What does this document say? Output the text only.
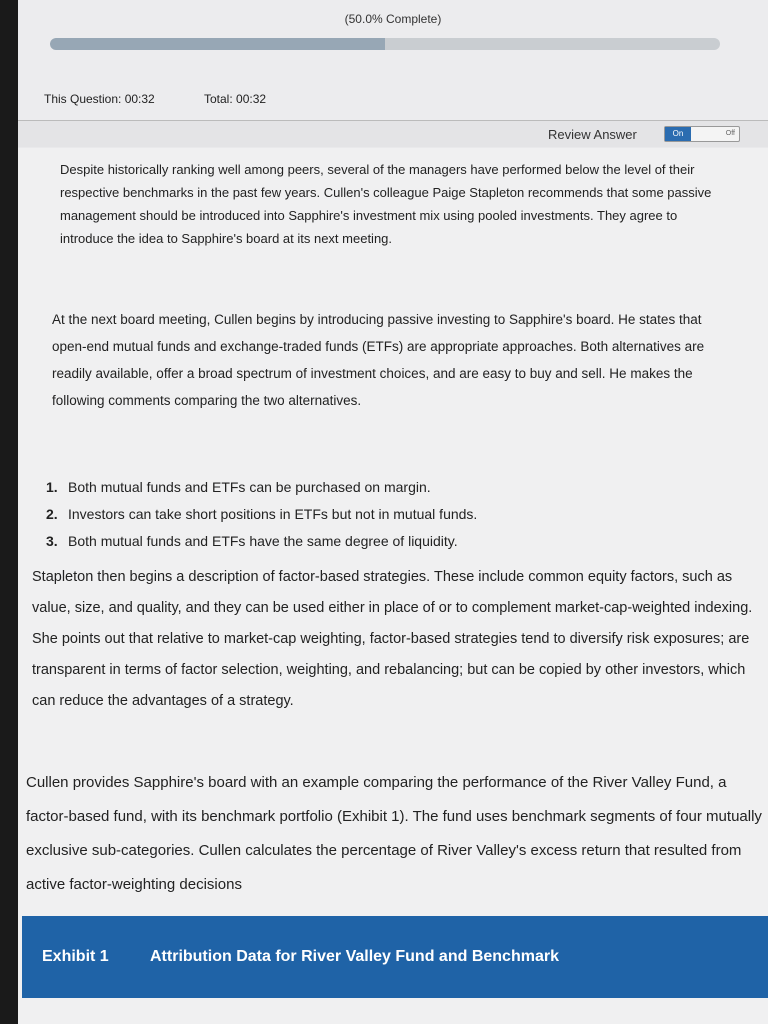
(50.0% Complete)
This Question: 00:32	Total: 00:32
Review Answer	On	Off
Despite historically ranking well among peers, several of the managers have performed below the level of their respective benchmarks in the past few years. Cullen's colleague Paige Stapleton recommends that some passive management should be introduced into Sapphire's investment mix using pooled investments. They agree to introduce the idea to Sapphire's board at its next meeting.
At the next board meeting, Cullen begins by introducing passive investing to Sapphire's board. He states that open-end mutual funds and exchange-traded funds (ETFs) are appropriate approaches. Both alternatives are readily available, offer a broad spectrum of investment choices, and are easy to buy and sell. He makes the following comments comparing the two alternatives.
1. Both mutual funds and ETFs can be purchased on margin.
2. Investors can take short positions in ETFs but not in mutual funds.
3. Both mutual funds and ETFs have the same degree of liquidity.
Stapleton then begins a description of factor-based strategies. These include common equity factors, such as value, size, and quality, and they can be used either in place of or to complement market-cap-weighted indexing. She points out that relative to market-cap weighting, factor-based strategies tend to diversify risk exposures; are transparent in terms of factor selection, weighting, and rebalancing; but can be copied by other investors, which can reduce the advantages of a strategy.
Cullen provides Sapphire's board with an example comparing the performance of the River Valley Fund, a factor-based fund, with its benchmark portfolio (Exhibit 1). The fund uses benchmark segments of four mutually exclusive sub-categories. Cullen calculates the percentage of River Valley's excess return that resulted from active factor-weighting decisions
Exhibit 1	Attribution Data for River Valley Fund and Benchmark
